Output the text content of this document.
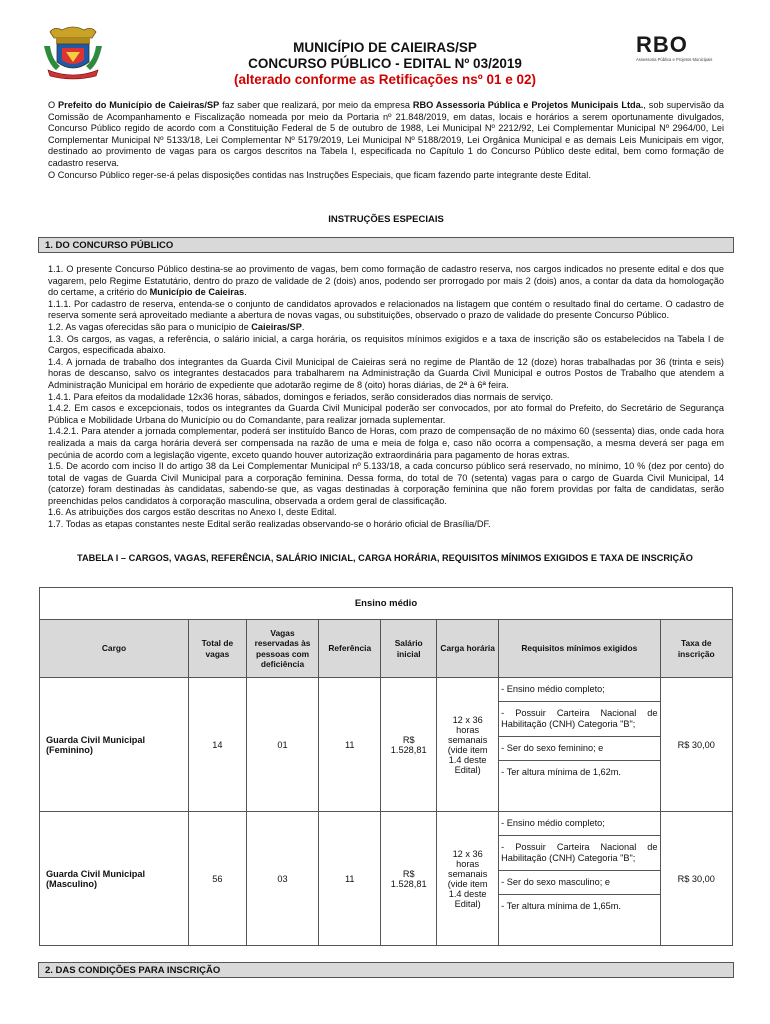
RBO
Assessoria Pública e Projetos Municipais
MUNICÍPIO DE CAIEIRAS/SP
CONCURSO PÚBLICO - EDITAL Nº 03/2019
(alterado conforme as Retificações nsº 01 e 02)
O Prefeito do Município de Caieiras/SP faz saber que realizará, por meio da empresa RBO Assessoria Pública e Projetos Municipais Ltda., sob supervisão da Comissão de Acompanhamento e Fiscalização nomeada por meio da Portaria nº 21.848/2019, em datas, locais e horários a serem oportunamente divulgados, Concurso Público regido de acordo com a Constituição Federal de 5 de outubro de 1988, Lei Municipal Nº 2212/92, Lei Complementar Municipal Nº 2964/00, Lei Complementar Municipal Nº 5133/18, Lei Complementar Nº 5179/2019, Lei Municipal Nº 5188/2019, Lei Orgânica Municipal e as demais Leis Municipais em vigor, destinado ao provimento de vagas para os cargos descritos na Tabela I, especificada no Capítulo 1 do Concurso Público deste edital, bem como formação de cadastro reserva.
O Concurso Público reger-se-á pelas disposições contidas nas Instruções Especiais, que ficam fazendo parte integrante deste Edital.
INSTRUÇÕES ESPECIAIS
1. DO CONCURSO PÚBLICO
1.1. O presente Concurso Público destina-se ao provimento de vagas, bem como formação de cadastro reserva, nos cargos indicados no presente edital e dos que vagarem, pelo Regime Estatutário, dentro do prazo de validade de 2 (dois) anos, podendo ser prorrogado por mais 2 (dois) anos, a contar da data da homologação do certame, a critério do Município de Caieiras.
1.1.1. Por cadastro de reserva, entenda-se o conjunto de candidatos aprovados e relacionados na listagem que contém o resultado final do certame. O cadastro de reserva somente será aproveitado mediante a abertura de novas vagas, ou substituições, observado o prazo de validade do presente Concurso Público.
1.2. As vagas oferecidas são para o município de Caieiras/SP.
1.3. Os cargos, as vagas, a referência, o salário inicial, a carga horária, os requisitos mínimos exigidos e a taxa de inscrição são os estabelecidos na Tabela I de Cargos, especificada abaixo.
1.4. A jornada de trabalho dos integrantes da Guarda Civil Municipal de Caieiras será no regime de Plantão de 12 (doze) horas trabalhadas por 36 (trinta e seis) horas de descanso, salvo os integrantes destacados para trabalharem na Administração da Guarda Civil Municipal e outros Postos de Trabalho que atendem a Administração Municipal em horário de expediente que adotarão regime de 8 (oito) horas diárias, de 2ª à 6ª feira.
1.4.1. Para efeitos da modalidade 12x36 horas, sábados, domingos e feriados, serão considerados dias normais de serviço.
1.4.2. Em casos e excepcionais, todos os integrantes da Guarda Civil Municipal poderão ser convocados, por ato formal do Prefeito, do Secretário de Segurança Pública e Mobilidade Urbana do Município ou do Comandante, para realizar jornada suplementar.
1.4.2.1. Para atender a jornada complementar, poderá ser instituído Banco de Horas, com prazo de compensação de no máximo 60 (sessenta) dias, onde cada hora realizada a mais da carga horária deverá ser compensada na razão de uma e meia de folga e, caso não ocorra a compensação, a mesma deverá ser paga em pecúnia de acordo com a legislação vigente, exceto quando houver autorização extraordinária para pagamento de horas extras.
1.5. De acordo com inciso II do artigo 38 da Lei Complementar Municipal nº 5.133/18, a cada concurso público será reservado, no mínimo, 10 % (dez por cento) do total de vagas de Guarda Civil Municipal para a corporação feminina. Dessa forma, do total de 70 (setenta) vagas para o cargo de Guarda Civil Municipal, 14 (catorze) foram destinadas às candidatas, sabendo-se que, as vagas destinadas à corporação feminina que não forem providas por falta de candidatas, serão preenchidas pelos candidatos à corporação masculina, observada a ordem geral de classificação.
1.6. As atribuições dos cargos estão descritas no Anexo I, deste Edital.
1.7. Todas as etapas constantes neste Edital serão realizadas observando-se o horário oficial de Brasília/DF.
TABELA I – CARGOS, VAGAS, REFERÊNCIA, SALÁRIO INICIAL, CARGA HORÁRIA, REQUISITOS MÍNIMOS EXIGIDOS E TAXA DE INSCRIÇÃO
Ensino médio							
Cargo	Total de vagas	Vagas reservadas às pessoas com deficiência	Referência	Salário inicial	Carga horária	Requisitos mínimos exigidos	Taxa de inscrição
Guarda Civil Municipal (Feminino)	14	01	11	R$ 1.528,81	12 x 36 horas semanais (vide item 1.4 deste Edital)	- Ensino médio completo;
- Possuir Carteira Nacional de Habilitação (CNH) Categoria "B";
- Ser do sexo feminino; e
- Ter altura mínima de 1,62m.	R$ 30,00
Guarda Civil Municipal (Masculino)	56	03	11	R$ 1.528,81	12 x 36 horas semanais (vide item 1.4 deste Edital)	- Ensino médio completo;
- Possuir Carteira Nacional de Habilitação (CNH) Categoria "B";
- Ser do sexo masculino; e
- Ter altura mínima de 1,65m.	R$ 30,00
2. DAS CONDIÇÕES PARA INSCRIÇÃO
